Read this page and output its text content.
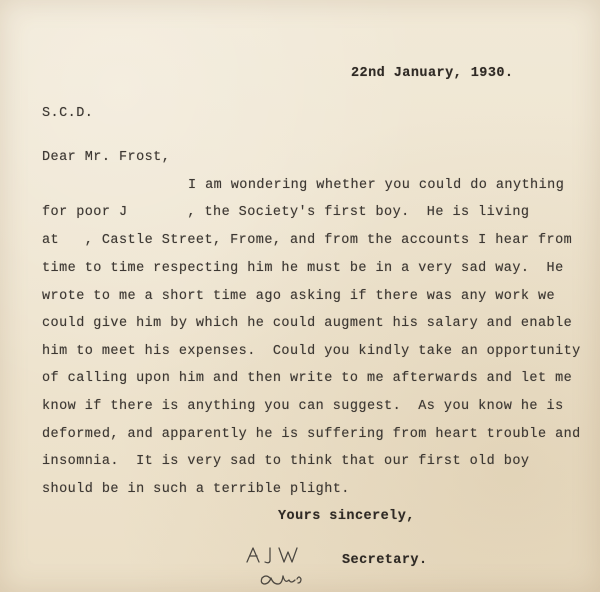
22nd January, 1930.

S.C.D.

Dear Mr. Frost,

I am wondering whether you could do anything

for poor J       , the Society's first boy.  He is living

at   , Castle Street, Frome, and from the accounts I hear from

time to time respecting him he must be in a very sad way.  He

wrote to me a short time ago asking if there was any work we

could give him by which he could augment his salary and enable

him to meet his expenses.  Could you kindly take an opportunity

of calling upon him and then write to me afterwards and let me

know if there is anything you can suggest.  As you know he is

deformed, and apparently he is suffering from heart trouble and

insomnia.  It is very sad to think that our first old boy

should be in such a terrible plight.

Yours sincerely,

Secretary.
